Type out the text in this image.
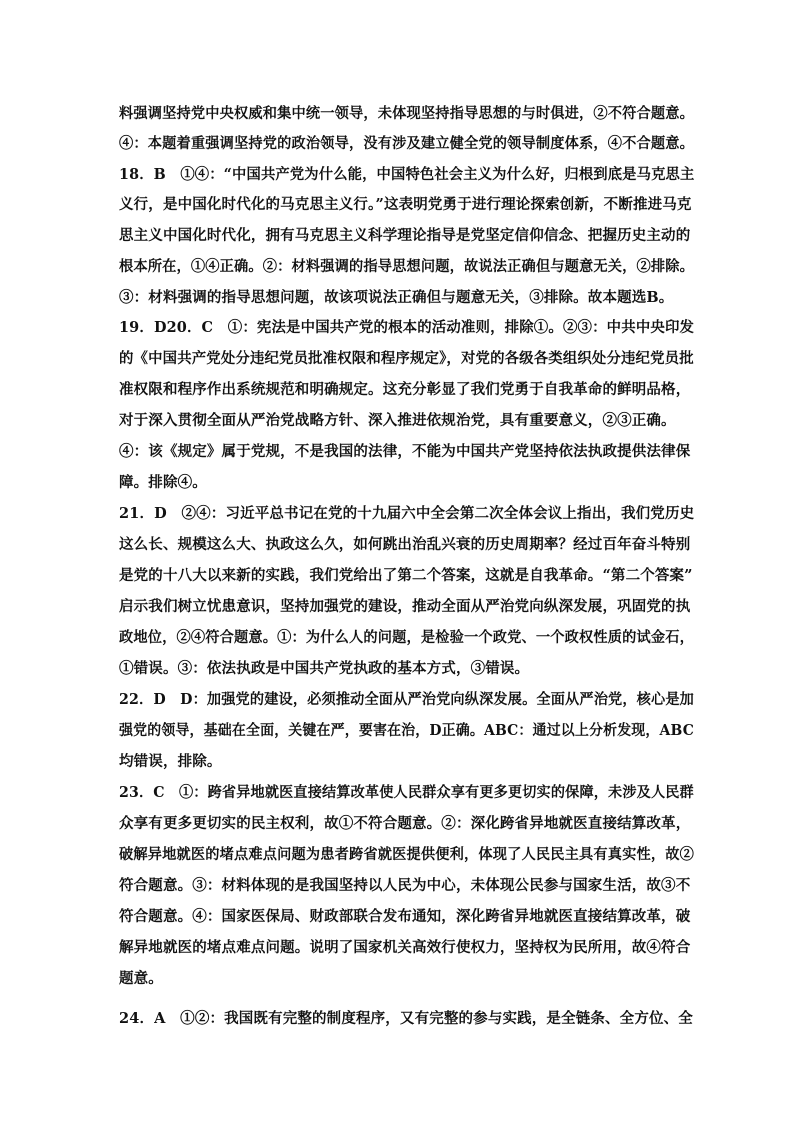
料强调坚持党中央权威和集中统一领导，未体现坚持指导思想的与时俱进，②不符合题意。
④：本题着重强调坚持党的政治领导，没有涉及建立健全党的领导制度体系，④不合题意。
18．B　①④：“中国共产党为什么能，中国特色社会主义为什么好，归根到底是马克思主
义行，是中国化时代化的马克思主义行。”这表明党勇于进行理论探索创新，不断推进马克
思主义中国化时代化，拥有马克思主义科学理论指导是党坚定信仰信念、把握历史主动的
根本所在，①④正确。②：材料强调的指导思想问题，故说法正确但与题意无关，②排除。
③：材料强调的指导思想问题，故该项说法正确但与题意无关，③排除。故本题选B。
19．D20．C　①：宪法是中国共产党的根本的活动准则，排除①。②③：中共中央印发
的《中国共产党处分违纪党员批准权限和程序规定》，对党的各级各类组织处分违纪党员批
准权限和程序作出系统规范和明确规定。这充分彰显了我们党勇于自我革命的鲜明品格，
对于深入贯彻全面从严治党战略方针、深入推进依规治党，具有重要意义，②③正确。
④：该《规定》属于党规，不是我国的法律，不能为中国共产党坚持依法执政提供法律保
障。排除④。
21．D　②④：习近平总书记在党的十九届六中全会第二次全体会议上指出，我们党历史
这么长、规模这么大、执政这么久，如何跳出治乱兴衰的历史周期率？经过百年奋斗特别
是党的十八大以来新的实践，我们党给出了第二个答案，这就是自我革命。“第二个答案”
启示我们树立忧患意识，坚持加强党的建设，推动全面从严治党向纵深发展，巩固党的执
政地位，②④符合题意。①：为什么人的问题，是检验一个政党、一个政权性质的试金石，
①错误。③：依法执政是中国共产党执政的基本方式，③错误。
22．D　D：加强党的建设，必须推动全面从严治党向纵深发展。全面从严治党，核心是加
强党的领导，基础在全面，关键在严，要害在治，D正确。ABC：通过以上分析发现，ABC
均错误，排除。
23．C　①：跨省异地就医直接结算改革使人民群众享有更多更切实的保障，未涉及人民群
众享有更多更切实的民主权利，故①不符合题意。②：深化跨省异地就医直接结算改革，
破解异地就医的堵点难点问题为患者跨省就医提供便利，体现了人民民主具有真实性，故②
符合题意。③：材料体现的是我国坚持以人民为中心，未体现公民参与国家生活，故③不
符合题意。④：国家医保局、财政部联合发布通知，深化跨省异地就医直接结算改革，破
解异地就医的堵点难点问题。说明了国家机关高效行使权力，坚持权为民所用，故④符合
题意。
24．A　①②：我国既有完整的制度程序，又有完整的参与实践，是全链条、全方位、全
